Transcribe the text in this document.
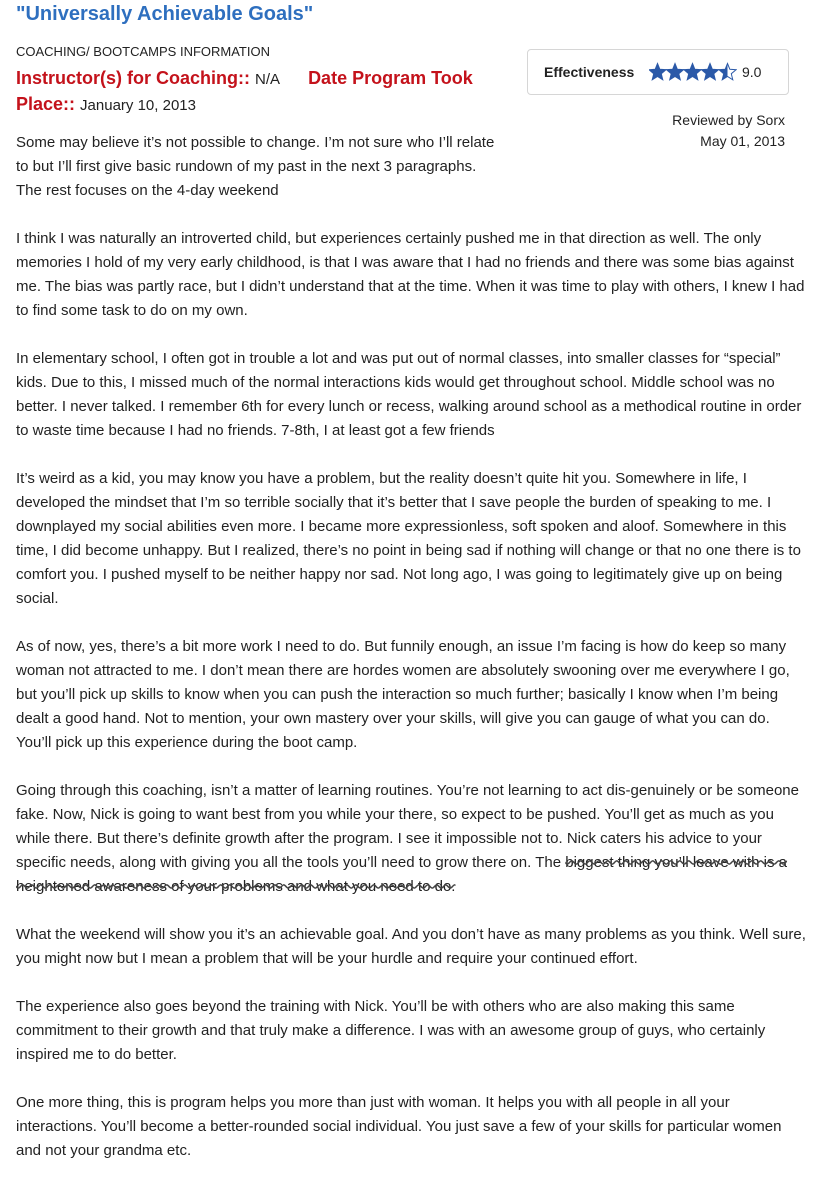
"Universally Achievable Goals"
COACHING/ BOOTCAMPS INFORMATION
Instructor(s) for Coaching:: N/A Date Program Took Place:: January 10, 2013
Effectiveness	9.0
Reviewed by Sorx
May 01, 2013

Some may believe it’s not possible to change. I’m not sure who I’ll relate to but I’ll first give basic rundown of my past in the next 3 paragraphs. The rest focuses on the 4-day weekend

I think I was naturally an introverted child, but experiences certainly pushed me in that direction as well. The only memories I hold of my very early childhood, is that I was aware that I had no friends and there was some bias against me. The bias was partly race, but I didn’t understand that at the time. When it was time to play with others, I knew I had to find some task to do on my own.

In elementary school, I often got in trouble a lot and was put out of normal classes, into smaller classes for “special” kids. Due to this, I missed much of the normal interactions kids would get throughout school. Middle school was no better. I never talked. I remember 6th for every lunch or recess, walking around school as a methodical routine in order to waste time because I had no friends. 7-8th, I at least got a few friends

It’s weird as a kid, you may know you have a problem, but the reality doesn’t quite hit you. Somewhere in life, I developed the mindset that I’m so terrible socially that it’s better that I save people the burden of speaking to me. I downplayed my social abilities even more. I became more expressionless, soft spoken and aloof. Somewhere in this time, I did become unhappy. But I realized, there’s no point in being sad if nothing will change or that no one there is to comfort you. I pushed myself to be neither happy nor sad. Not long ago, I was going to legitimately give up on being social.

As of now, yes, there’s a bit more work I need to do. But funnily enough, an issue I’m facing is how do keep so many woman not attracted to me. I don’t mean there are hordes women are absolutely swooning over me everywhere I go, but you’ll pick up skills to know when you can push the interaction so much further; basically I know when I’m being dealt a good hand. Not to mention, your own mastery over your skills, will give you can gauge of what you can do. You’ll pick up this experience during the boot camp.

Going through this coaching, isn’t a matter of learning routines. You’re not learning to act dis-genuinely or be someone fake. Now, Nick is going to want best from you while your there, so expect to be pushed. You’ll get as much as you while there. But there’s definite growth after the program. I see it impossible not to. Nick caters his advice to your specific needs, along with giving you all the tools you’ll need to grow there on. The biggest thing you’ll leave with is a heightened awareness of your problems and what you need to do.

What the weekend will show you it’s an achievable goal. And you don’t have as many problems as you think. Well sure, you might now but I mean a problem that will be your hurdle and require your continued effort.

The experience also goes beyond the training with Nick. You’ll be with others who are also making this same commitment to their growth and that truly make a difference. I was with an awesome group of guys, who certainly inspired me to do better.

One more thing, this is program helps you more than just with woman. It helps you with all people in all your interactions. You’ll become a better-rounded social individual. You just save a few of your skills for particular women and not your grandma etc.
